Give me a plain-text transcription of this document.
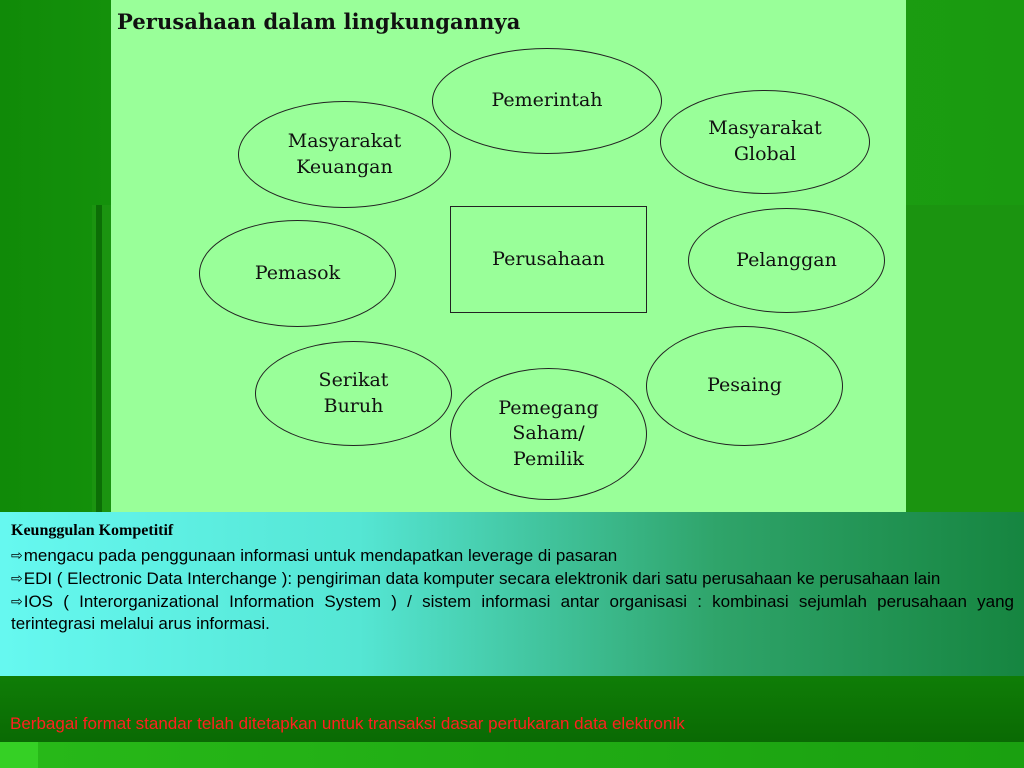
Perusahaan dalam lingkungannya
Pemerintah
Masyarakat
Keuangan
Masyarakat
Global
Pemasok
Perusahaan	Pelanggan
Serikat
Buruh
Pesaing
Pemegang
Saham/
Pemilik
Keunggulan Kompetitif
⇨mengacu pada penggunaan informasi untuk mendapatkan leverage di pasaran
⇨EDI ( Electronic Data Interchange ): pengiriman data komputer secara elektronik dari satu perusahaan ke perusahaan lain
⇨IOS ( Interorganizational Information System ) / sistem informasi antar organisasi : kombinasi sejumlah perusahaan yang terintegrasi melalui arus informasi.
Berbagai format standar telah ditetapkan untuk transaksi dasar pertukaran data elektronik
